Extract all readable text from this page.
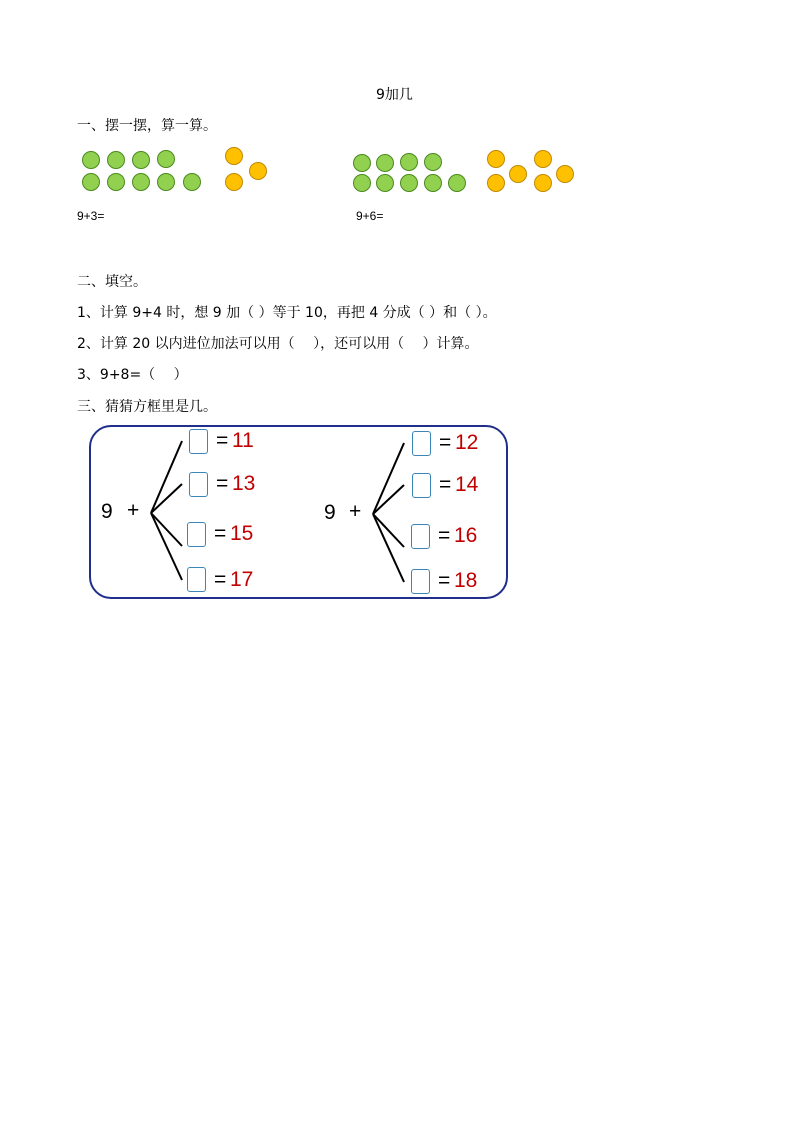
9加几
一、摆一摆，算一算。
9+3=	9+6=
二、填空。
1、计算 9+4 时，想 9 加（ ）等于 10，再把 4 分成（ ）和（ ）。
2、计算 20 以内进位加法可以用（　 ），还可以用（　 ）计算。
3、9+8=（　 ）
三、猜猜方框里是几。
9 +
= 11
= 13
= 15
= 17
9 +
= 12
= 14
= 16
= 18
